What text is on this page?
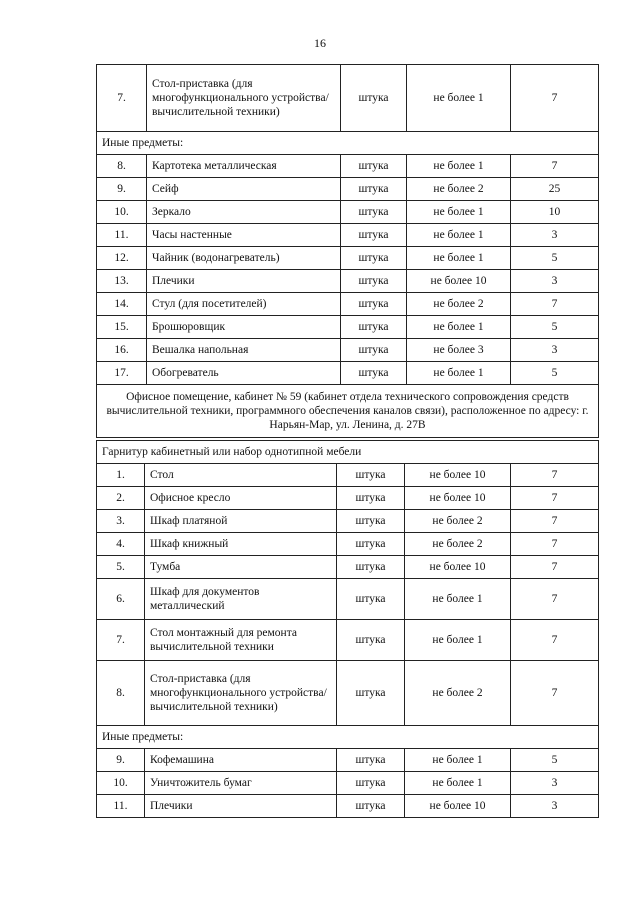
16
7.	Стол-приставка (для многофункционального устройства/вычислительной техники)	штука	не более 1	7
Иные предметы:				
8.	Картотека металлическая	штука	не более 1	7
9.	Сейф	штука	не более 2	25
10.	Зеркало	штука	не более 1	10
11.	Часы настенные	штука	не более 1	3
12.	Чайник (водонагреватель)	штука	не более 1	5
13.	Плечики	штука	не более 10	3
14.	Стул (для посетителей)	штука	не более 2	7
15.	Брошюровщик	штука	не более 1	5
16.	Вешалка напольная	штука	не более 3	3
17.	Обогреватель	штука	не более 1	5
Офисное помещение, кабинет № 59 (кабинет отдела технического сопровождения средств вычислительной техники, программного обеспечения каналов связи), расположенное по адресу: г. Нарьян-Мар, ул. Ленина, д. 27В				
Гарнитур кабинетный или набор однотипной мебели				
1.	Стол	штука	не более 10	7
2.	Офисное кресло	штука	не более 10	7
3.	Шкаф платяной	штука	не более 2	7
4.	Шкаф книжный	штука	не более 2	7
5.	Тумба	штука	не более 10	7
6.	Шкаф для документов металлический	штука	не более 1	7
7.	Стол монтажный для ремонта вычислительной техники	штука	не более 1	7
8.	Стол-приставка (для многофункционального устройства/вычислительной техники)	штука	не более 2	7
Иные предметы:				
9.	Кофемашина	штука	не более 1	5
10.	Уничтожитель бумаг	штука	не более 1	3
11.	Плечики	штука	не более 10	3
